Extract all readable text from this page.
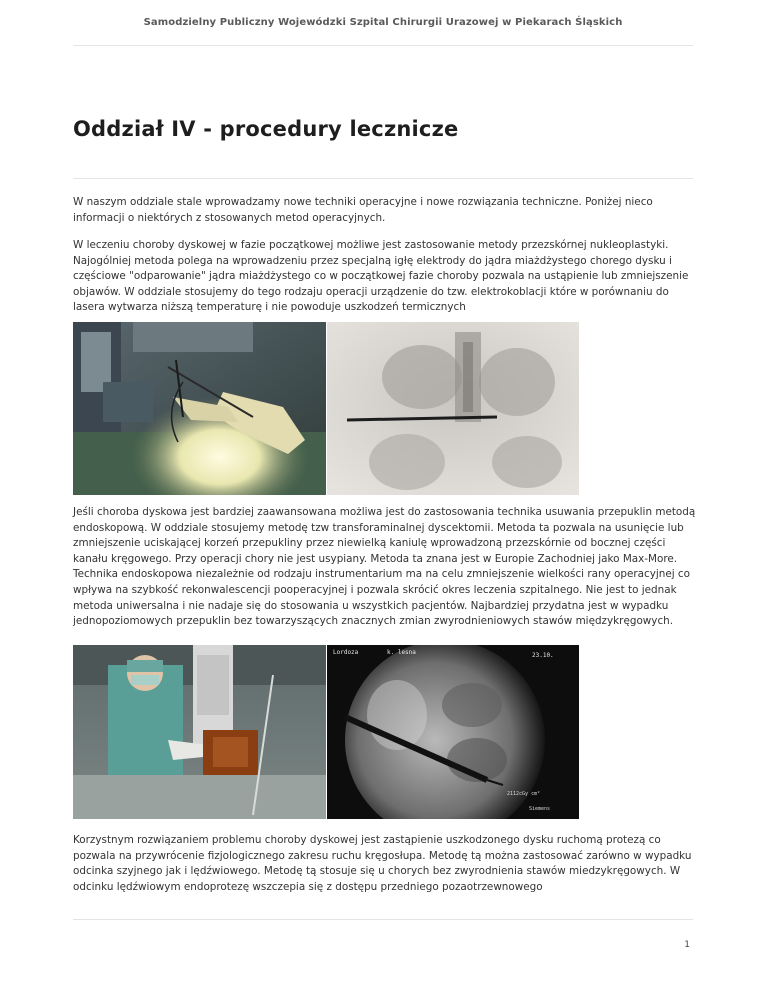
Samodzielny Publiczny Wojewódzki Szpital Chirurgii Urazowej w Piekarach Śląskich
Oddział IV - procedury lecznicze

W naszym oddziale stale wprowadzamy nowe techniki operacyjne i nowe rozwiązania techniczne. Poniżej nieco informacji o niektórych z stosowanych metod operacyjnych.

W leczeniu choroby dyskowej w fazie początkowej możliwe jest zastosowanie metody przezskórnej nukleoplastyki. Najogólniej metoda polega na wprowadzeniu przez specjalną igłę elektrody do jądra miażdżystego chorego dysku i częściowe "odparowanie" jądra miażdżystego co w początkowej fazie choroby pozwala na ustąpienie lub zmniejszenie objawów. W oddziale stosujemy do tego rodzaju operacji urządzenie do tzw. elektrokoblacji które w porównaniu do lasera wytwarza niższą temperaturę i nie powoduje uszkodzeń termicznych

Jeśli choroba dyskowa jest bardziej zaawansowana możliwa jest do zastosowania technika usuwania przepuklin metodą endoskopową. W oddziale stosujemy metodę tzw transforaminalnej dyscektomii. Metoda ta pozwala na usunięcie lub zmniejszenie uciskającej korzeń przepukliny przez niewielką kaniulę wprowadzoną przezskórnie od bocznej części kanału kręgowego. Przy operacji chory nie jest usypiany. Metoda ta znana jest w Europie Zachodniej jako Max-More. Technika endoskopowa niezależnie od rodzaju instrumentarium ma na celu zmniejszenie wielkości rany operacyjnej co wpływa na szybkość rekonwalescencji pooperacyjnej i pozwala skrócić okres leczenia szpitalnego. Nie jest to jednak metoda uniwersalna i nie nadaje się do stosowania u wszystkich pacjentów. Najbardziej przydatna jest w wypadku jednopoziomowych przepuklin bez towarzyszących znacznych zmian zwyrodnieniowych stawów międzykręgowych.

Lordoza	k. lesna	23.10.
2112cGy cm²
Siemens

Korzystnym rozwiązaniem problemu choroby dyskowej jest zastąpienie uszkodzonego dysku ruchomą protezą co pozwala na przywrócenie fizjologicznego zakresu ruchu kręgosłupa. Metodę tą można zastosować zarówno w wypadku odcinka szyjnego jak i lędźwiowego. Metodę tą stosuje się u chorych bez zwyrodnienia stawów miedzykręgowych. W odcinku lędźwiowym endoprotezę wszczepia się z dostępu przedniego pozaotrzewnowego

1
